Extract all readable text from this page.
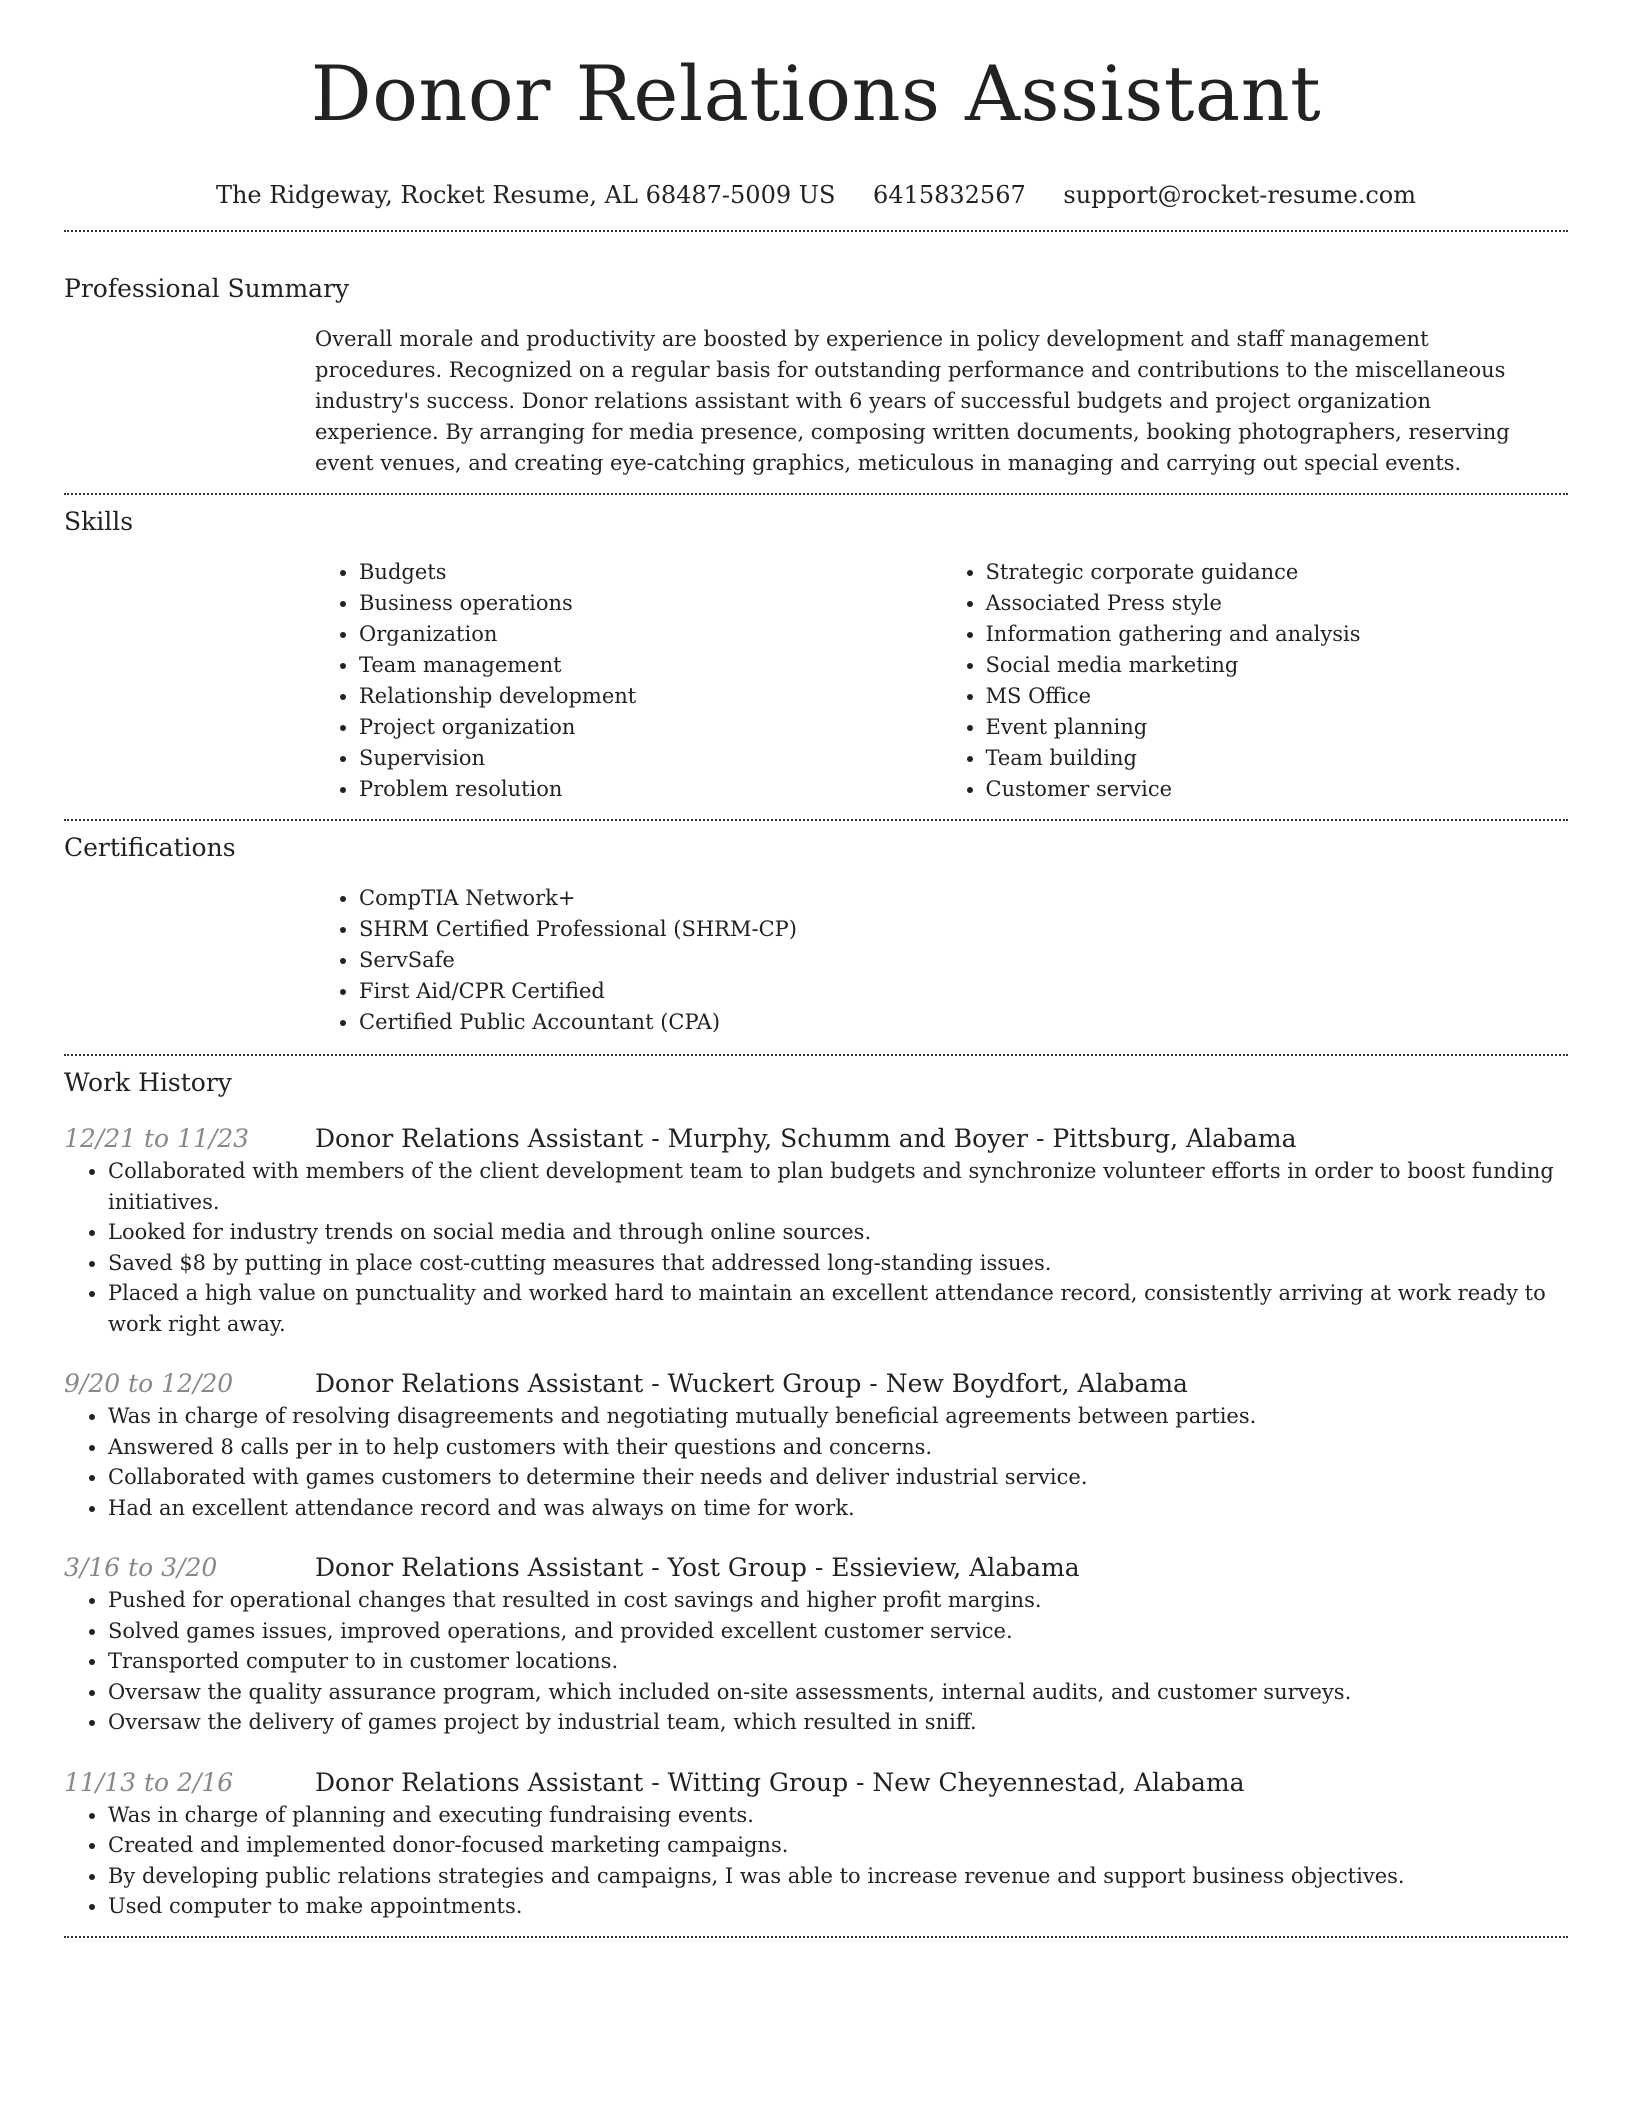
Donor Relations Assistant
The Ridgeway, Rocket Resume, AL 68487-5009 US 6415832567 support@rocket-resume.com
Professional Summary

Overall morale and productivity are boosted by experience in policy development and staff management procedures. Recognized on a regular basis for outstanding performance and contributions to the miscellaneous industry's success. Donor relations assistant with 6 years of successful budgets and project organization experience. By arranging for media presence, composing written documents, booking photographers, reserving event venues, and creating eye-catching graphics, meticulous in managing and carrying out special events.

Skills
• Budgets
• Business operations
• Organization
• Team management
• Relationship development
• Project organization
• Supervision
• Problem resolution
• Strategic corporate guidance
• Associated Press style
• Information gathering and analysis
• Social media marketing
• MS Office
• Event planning
• Team building
• Customer service
Certifications
• CompTIA Network+
• SHRM Certified Professional (SHRM-CP)
• ServSafe
• First Aid/CPR Certified
• Certified Public Accountant (CPA)
Work History
12/21 to 11/23	Donor Relations Assistant - Murphy, Schumm and Boyer - Pittsburg, Alabama
• Collaborated with members of the client development team to plan budgets and synchronize volunteer efforts in order to boost funding initiatives.
• Looked for industry trends on social media and through online sources.
• Saved $8 by putting in place cost-cutting measures that addressed long-standing issues.
• Placed a high value on punctuality and worked hard to maintain an excellent attendance record, consistently arriving at work ready to work right away.
9/20 to 12/20	Donor Relations Assistant - Wuckert Group - New Boydfort, Alabama
• Was in charge of resolving disagreements and negotiating mutually beneficial agreements between parties.
• Answered 8 calls per in to help customers with their questions and concerns.
• Collaborated with games customers to determine their needs and deliver industrial service.
• Had an excellent attendance record and was always on time for work.
3/16 to 3/20	Donor Relations Assistant - Yost Group - Essieview, Alabama
• Pushed for operational changes that resulted in cost savings and higher profit margins.
• Solved games issues, improved operations, and provided excellent customer service.
• Transported computer to in customer locations.
• Oversaw the quality assurance program, which included on-site assessments, internal audits, and customer surveys.
• Oversaw the delivery of games project by industrial team, which resulted in sniff.
11/13 to 2/16	Donor Relations Assistant - Witting Group - New Cheyennestad, Alabama
• Was in charge of planning and executing fundraising events.
• Created and implemented donor-focused marketing campaigns.
• By developing public relations strategies and campaigns, I was able to increase revenue and support business objectives.
• Used computer to make appointments.
